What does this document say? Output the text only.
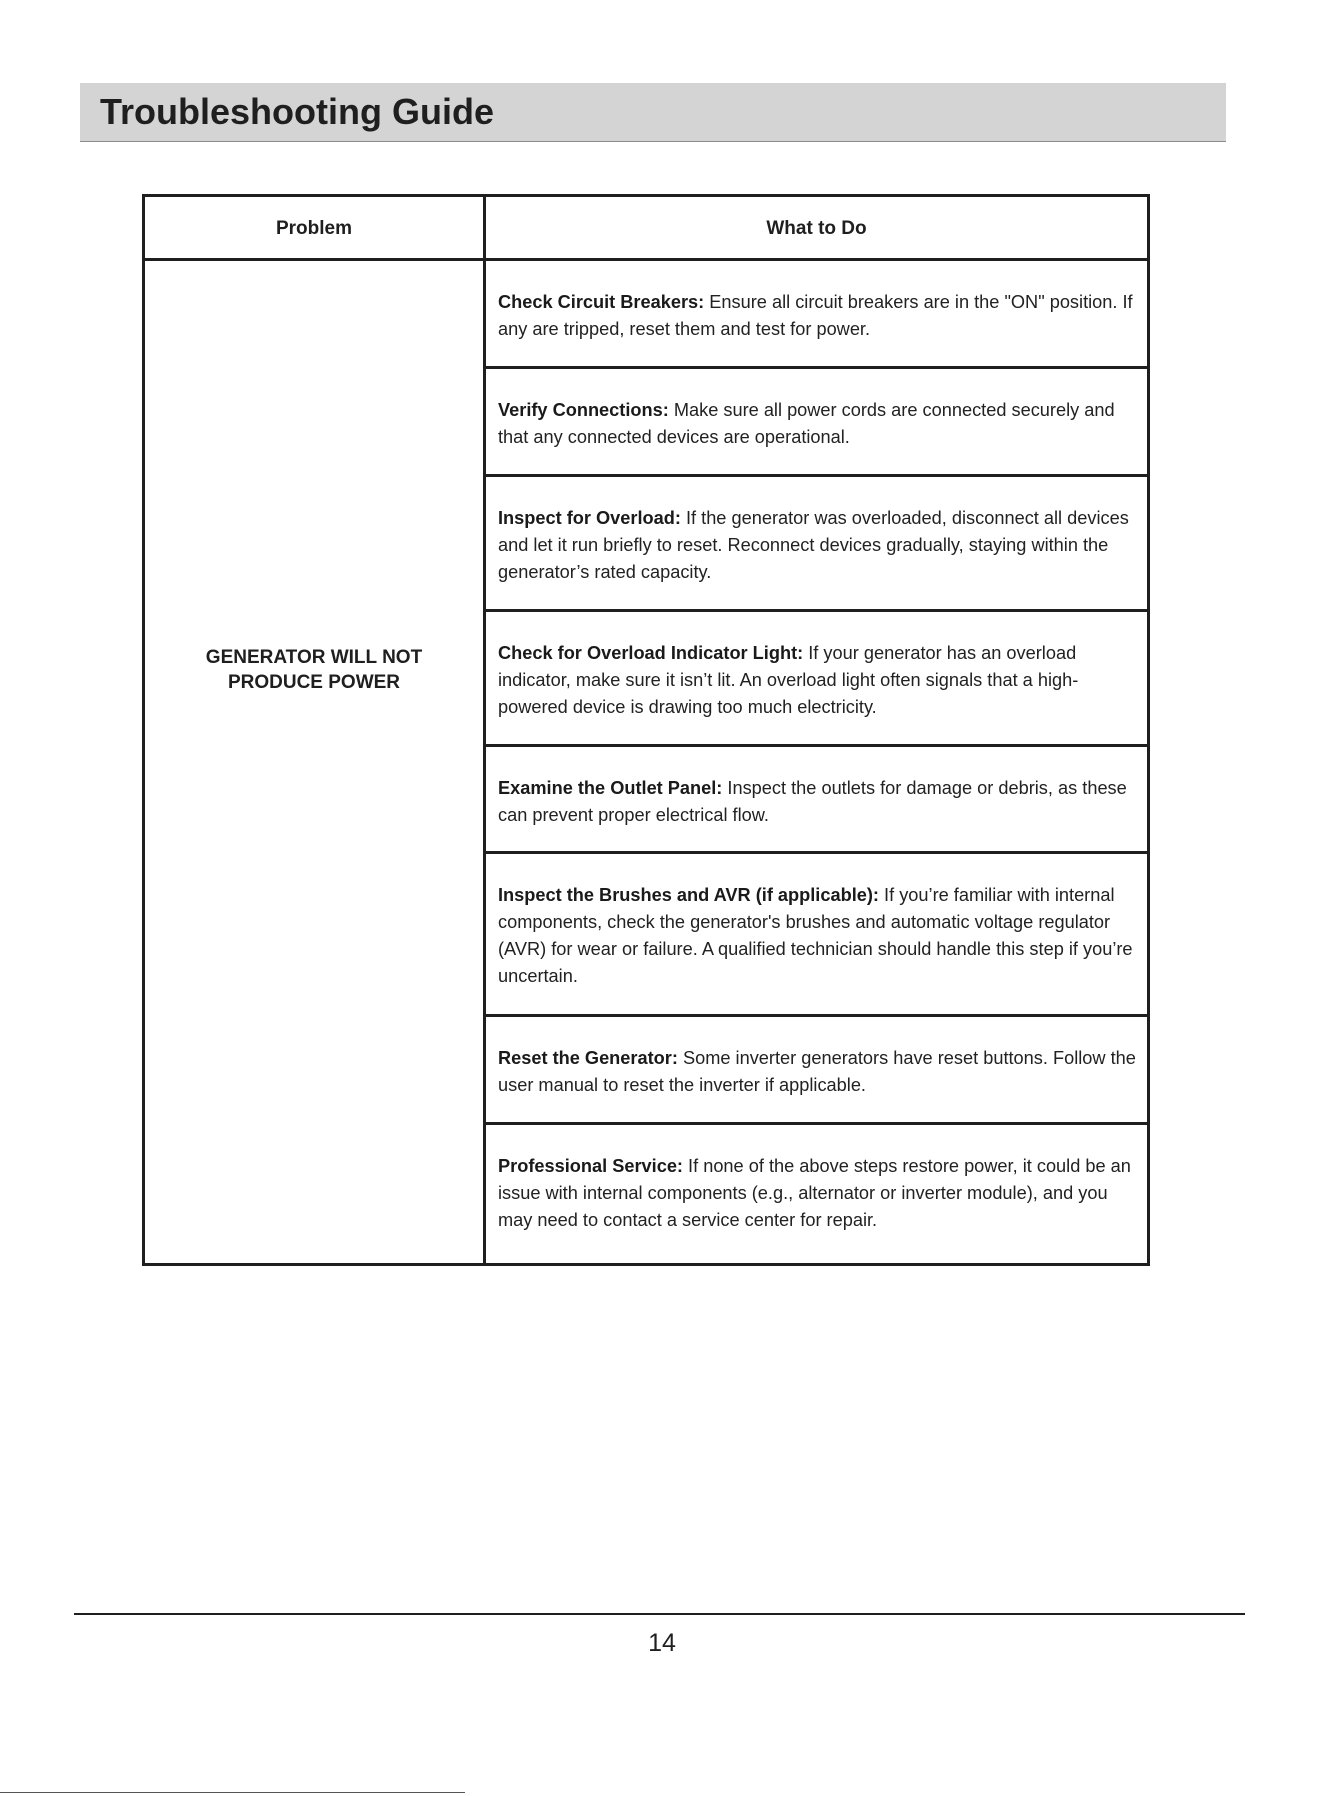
Troubleshooting Guide
Problem	What to Do
GENERATOR WILL NOT
PRODUCE POWER
Check Circuit Breakers: Ensure all circuit breakers are in the "ON" position. If any are tripped, reset them and test for power.
Verify Connections: Make sure all power cords are connected securely and that any connected devices are operational.
Inspect for Overload: If the generator was overloaded, disconnect all devices and let it run briefly to reset. Reconnect devices gradually, staying within the generator’s rated capacity.
Check for Overload Indicator Light: If your generator has an overload indicator, make sure it isn’t lit. An overload light often signals that a high-powered device is drawing too much electricity.
Examine the Outlet Panel: Inspect the outlets for damage or debris, as these can prevent proper electrical flow.
Inspect the Brushes and AVR (if applicable): If you’re familiar with internal components, check the generator's brushes and automatic voltage regulator (AVR) for wear or failure. A qualified technician should handle this step if you’re uncertain.
Reset the Generator: Some inverter generators have reset buttons. Follow the user manual to reset the inverter if applicable.
Professional Service: If none of the above steps restore power, it could be an issue with internal components (e.g., alternator or inverter module), and you may need to contact a service center for repair.
14
